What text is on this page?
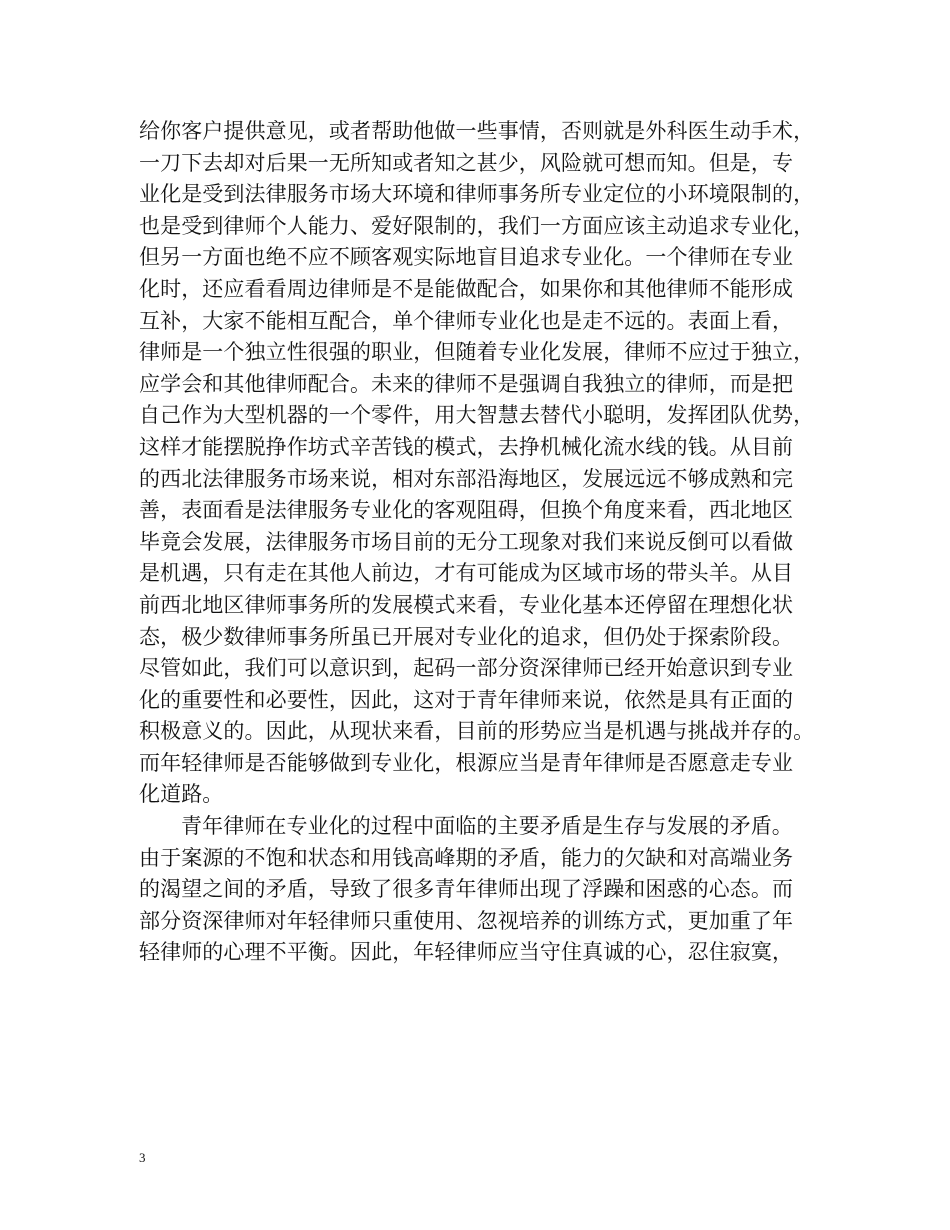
给你客户提供意见，或者帮助他做一些事情，否则就是外科医生动手术，
一刀下去却对后果一无所知或者知之甚少，风险就可想而知。但是，专
业化是受到法律服务市场大环境和律师事务所专业定位的小环境限制的，
也是受到律师个人能力、爱好限制的，我们一方面应该主动追求专业化，
但另一方面也绝不应不顾客观实际地盲目追求专业化。一个律师在专业
化时，还应看看周边律师是不是能做配合，如果你和其他律师不能形成
互补，大家不能相互配合，单个律师专业化也是走不远的。表面上看，
律师是一个独立性很强的职业，但随着专业化发展，律师不应过于独立，
应学会和其他律师配合。未来的律师不是强调自我独立的律师，而是把
自己作为大型机器的一个零件，用大智慧去替代小聪明，发挥团队优势，
这样才能摆脱挣作坊式辛苦钱的模式，去挣机械化流水线的钱。从目前
的西北法律服务市场来说，相对东部沿海地区，发展远远不够成熟和完
善，表面看是法律服务专业化的客观阻碍，但换个角度来看，西北地区
毕竟会发展，法律服务市场目前的无分工现象对我们来说反倒可以看做
是机遇，只有走在其他人前边，才有可能成为区域市场的带头羊。从目
前西北地区律师事务所的发展模式来看，专业化基本还停留在理想化状
态，极少数律师事务所虽已开展对专业化的追求，但仍处于探索阶段。
尽管如此，我们可以意识到，起码一部分资深律师已经开始意识到专业
化的重要性和必要性，因此，这对于青年律师来说，依然是具有正面的
积极意义的。因此，从现状来看，目前的形势应当是机遇与挑战并存的。
而年轻律师是否能够做到专业化，根源应当是青年律师是否愿意走专业
化道路。
青年律师在专业化的过程中面临的主要矛盾是生存与发展的矛盾。
由于案源的不饱和状态和用钱高峰期的矛盾，能力的欠缺和对高端业务
的渴望之间的矛盾，导致了很多青年律师出现了浮躁和困惑的心态。而
部分资深律师对年轻律师只重使用、忽视培养的训练方式，更加重了年
轻律师的心理不平衡。因此，年轻律师应当守住真诚的心，忍住寂寞，
3
